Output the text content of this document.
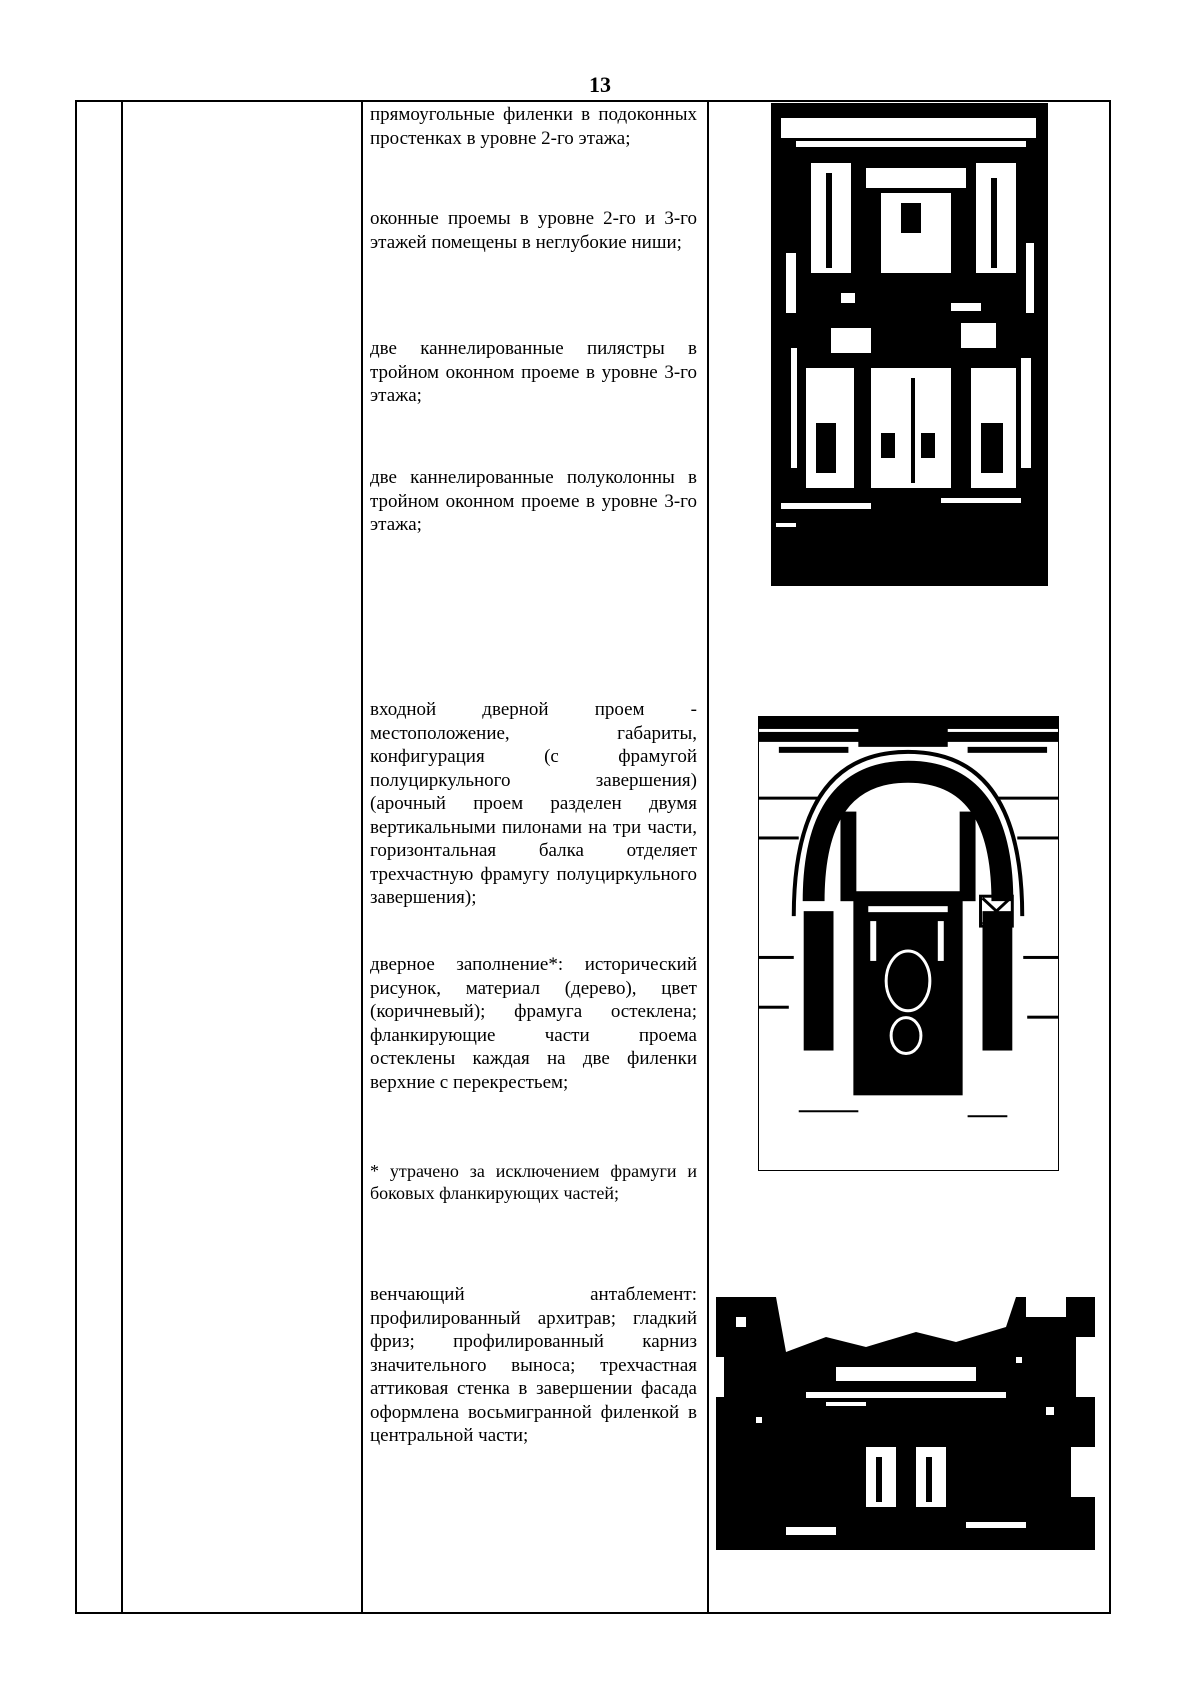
13

прямоугольные филенки в подоконных простенках в уровне 2-го этажа;

оконные проемы в уровне 2-го и 3-го этажей помещены в неглубокие ниши;

две каннелированные пилястры в тройном оконном проеме в уровне 3-го этажа;

две каннелированные полуколонны в тройном оконном проеме в уровне 3-го этажа;

входной дверной проем - местоположение, габариты, конфигурация (с фрамугой полуциркульного завершения) (арочный проем разделен двумя вертикальными пилонами на три части, горизонтальная балка отделяет трехчастную фрамугу полуциркульного завершения);

дверное заполнение*: исторический рисунок, материал (дерево), цвет (коричневый); фрамуга остеклена; фланкирующие части проема остеклены каждая на две филенки верхние с перекрестьем;

* утрачено за исключением фрамуги и боковых фланкирующих частей;

венчающий антаблемент: профилированный архитрав; гладкий фриз; профилированный карниз значительного выноса; трехчастная аттиковая стенка в завершении фасада оформлена восьмигранной филенкой в центральной части;
